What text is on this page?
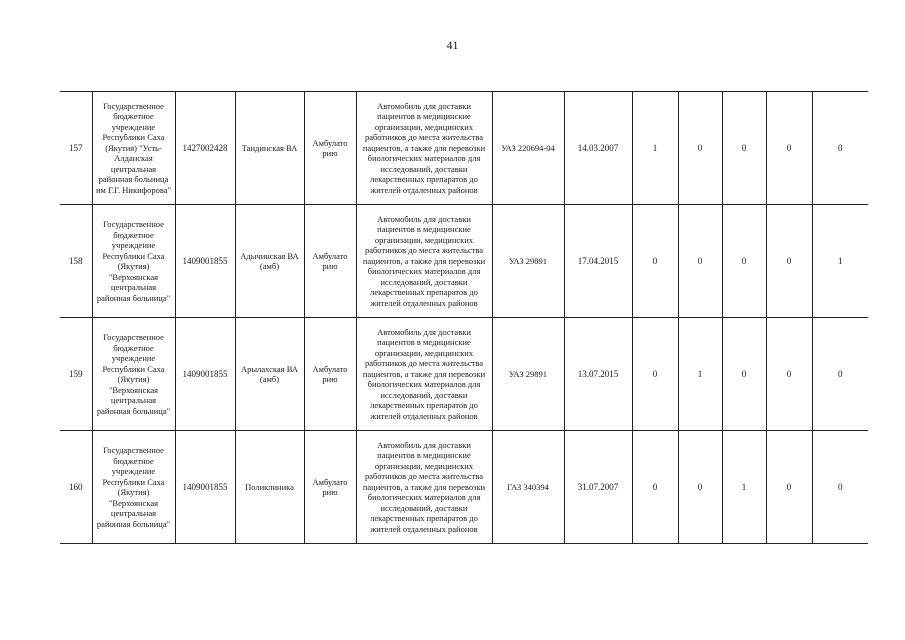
41
157	Государственное бюджетное учреждение Республики Саха (Якутия) "Усть-Алданская центральная районная больница им Г.Г. Никифорова"	1427002428	Тандинская ВА	Амбулато рию	Автомобиль для доставки пациентов в медицинские организации, медицинских работников до места жительства пациентов, а также для перевозки биологических материалов для исследований, доставки лекарственных препаратов до жителей отдаленных районов	УАЗ 220694-04	14.03.2007	1	0	0	0	0
158	Государственное бюджетное учреждение Республики Саха (Якутия) "Верхоянская центральная районная больница"	1409001855	Адычинская ВА (амб)	Амбулато рию	Автомобиль для доставки пациентов в медицинские организации, медицинских работников до места жительства пациентов, а также для перевозки биологических материалов для исследований, доставки лекарственных препаратов до жителей отдаленных районов	УАЗ 29891	17.04.2015	0	0	0	0	1
159	Государственное бюджетное учреждение Республики Саха (Якутия) "Верхоянская центральная районная больница"	1409001855	Арылахская ВА (амб)	Амбулато рию	Автомобиль для доставки пациентов в медицинские организации, медицинских работников до места жительства пациентов, а также для перевозки биологических материалов для исследований, доставки лекарственных препаратов до жителей отдаленных районов	УАЗ 29891	13.07.2015	0	1	0	0	0
160	Государственное бюджетное учреждение Республики Саха (Якутия) "Верхоянская центральная районная больница"	1409001855	Поликлиника	Амбулато рию	Автомобиль для доставки пациентов в медицинские организации, медицинских работников до места жительства пациентов, а также для перевозки биологических материалов для исследований, доставки лекарственных препаратов до жителей отдаленных районов	ГАЗ 340394	31.07.2007	0	0	1	0	0
